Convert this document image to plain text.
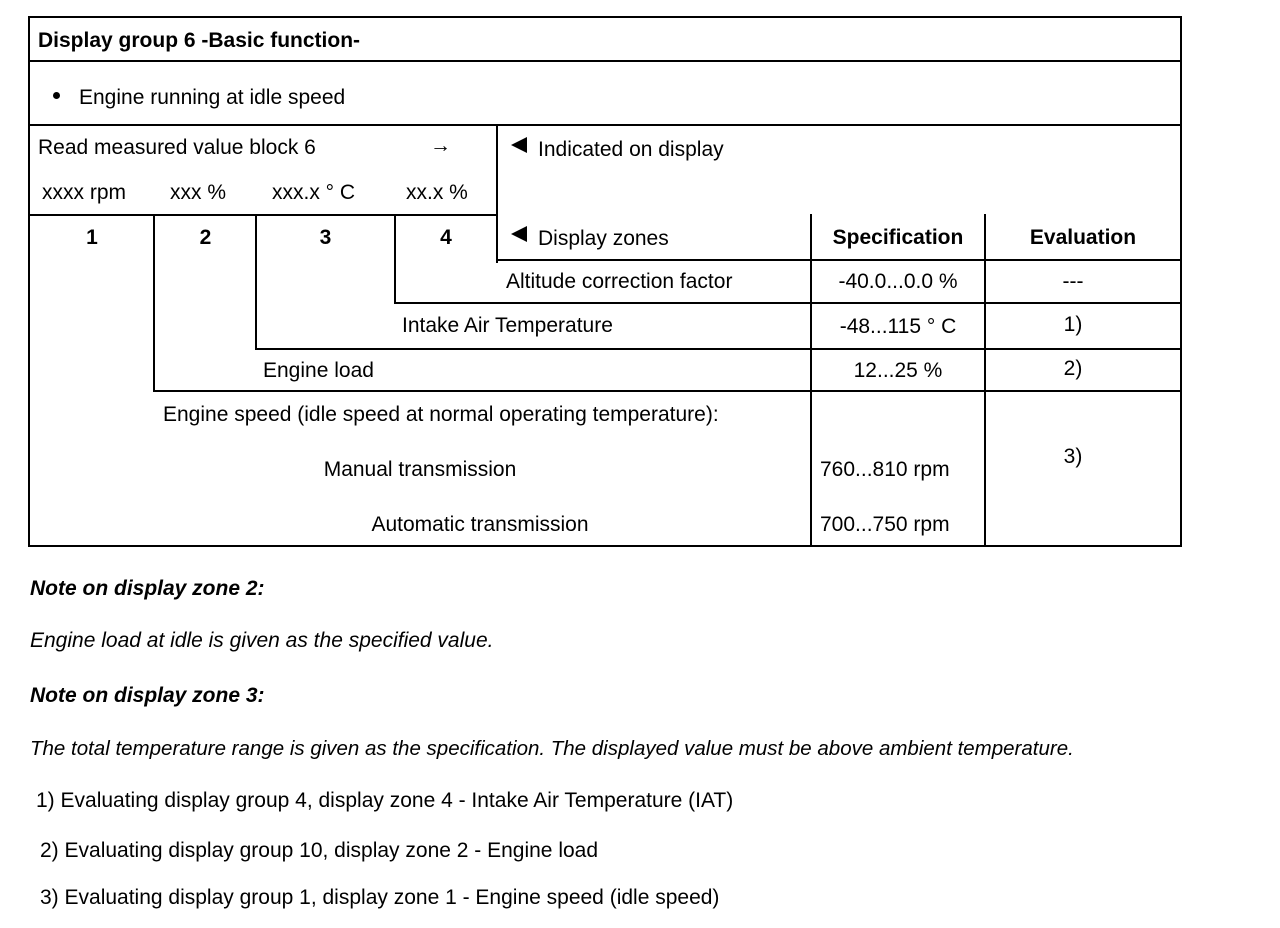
Display group 6 -Basic function-
Engine running at idle speed
Read measured value block 6	→
xxxx rpm xxx % xxx.x ° C xx.x %
Indicated on display
Display zones	Specification	Evaluation
1	2	3	4
Altitude correction factor	-40.0...0.0 %	---
Intake Air Temperature	-48...115 ° C	1)
Engine load	12...25 %	2)
Engine speed (idle speed at normal operating temperature):
Manual transmission	760...810 rpm
Automatic transmission	700...750 rpm
3)
Note on display zone 2:
Engine load at idle is given as the specified value.
Note on display zone 3:
The total temperature range is given as the specification. The displayed value must be above ambient temperature.
1) Evaluating display group 4, display zone 4 - Intake Air Temperature (IAT)
2) Evaluating display group 10, display zone 2 - Engine load
3) Evaluating display group 1, display zone 1 - Engine speed (idle speed)
